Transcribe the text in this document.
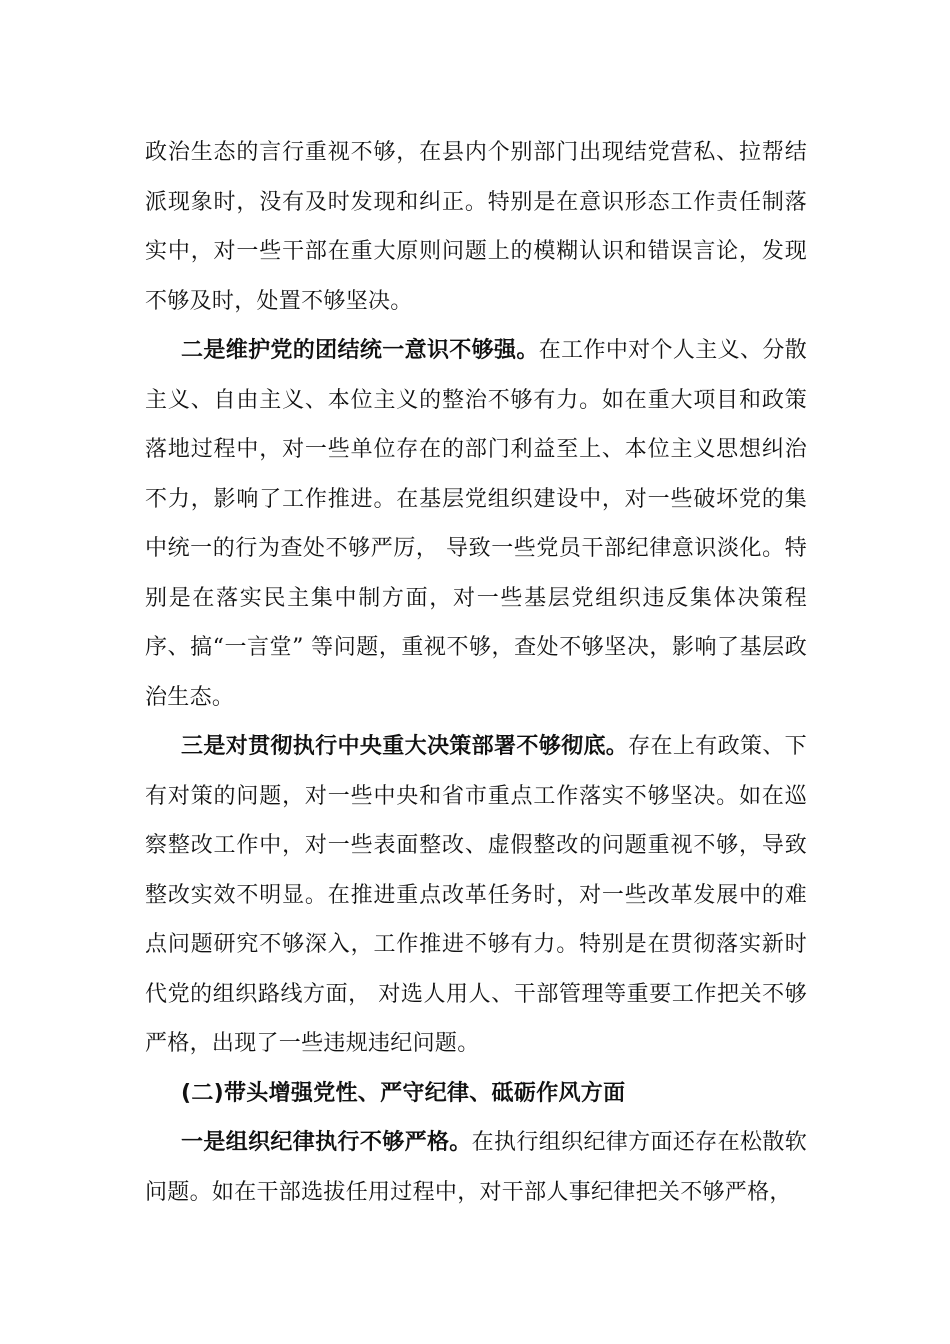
政治生态的言行重视不够，在县内个别部门出现结党营私、拉帮结派现象时，没有及时发现和纠正。特别是在意识形态工作责任制落实中，对一些干部在重大原则问题上的模糊认识和错误言论，发现不够及时，处置不够坚决。

二是维护党的团结统一意识不够强。在工作中对个人主义、分散主义、自由主义、本位主义的整治不够有力。如在重大项目和政策落地过程中，对一些单位存在的部门利益至上、本位主义思想纠治不力，影响了工作推进。在基层党组织建设中，对一些破坏党的集中统一的行为查处不够严厉， 导致一些党员干部纪律意识淡化。特别是在落实民主集中制方面，对一些基层党组织违反集体决策程序、搞“一言堂” 等问题，重视不够，查处不够坚决，影响了基层政治生态。

三是对贯彻执行中央重大决策部署不够彻底。存在上有政策、下有对策的问题，对一些中央和省市重点工作落实不够坚决。如在巡察整改工作中，对一些表面整改、虚假整改的问题重视不够，导致整改实效不明显。在推进重点改革任务时，对一些改革发展中的难点问题研究不够深入，工作推进不够有力。特别是在贯彻落实新时代党的组织路线方面， 对选人用人、干部管理等重要工作把关不够严格，出现了一些违规违纪问题。

(二)带头增强党性、严守纪律、砥砺作风方面

一是组织纪律执行不够严格。在执行组织纪律方面还存在松散软问题。如在干部选拔任用过程中，对干部人事纪律把关不够严格，
